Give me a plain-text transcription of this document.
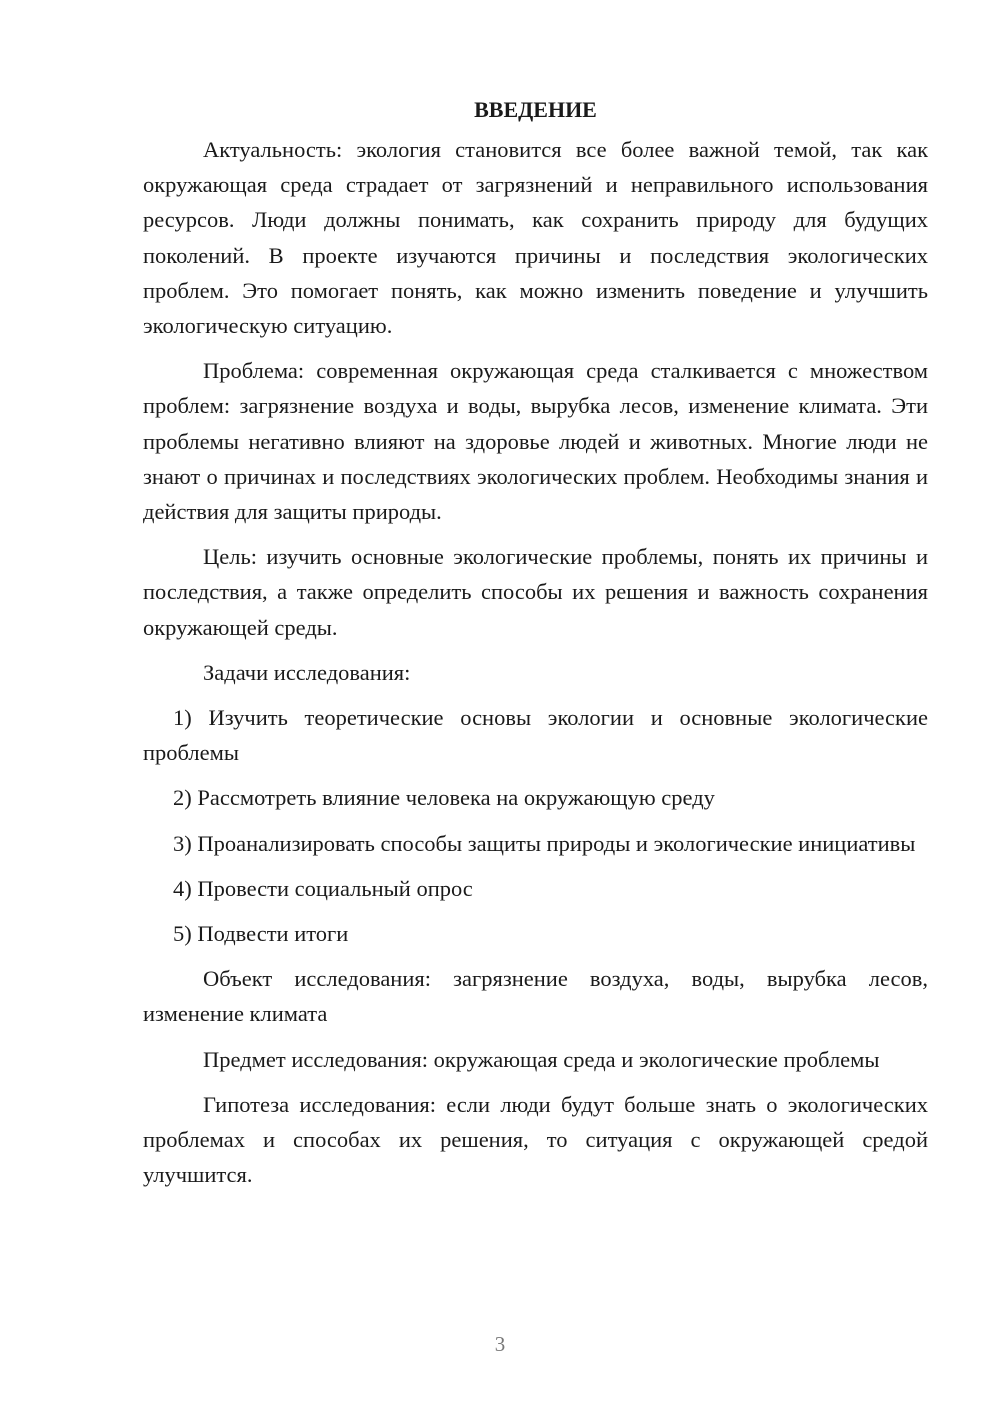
ВВЕДЕНИЕ

Актуальность: экология становится все более важной темой, так как окружающая среда страдает от загрязнений и неправильного использования ресурсов. Люди должны понимать, как сохранить природу для будущих поколений. В проекте изучаются причины и последствия экологических проблем. Это помогает понять, как можно изменить поведение и улучшить экологическую ситуацию.

Проблема: современная окружающая среда сталкивается с множеством проблем: загрязнение воздуха и воды, вырубка лесов, изменение климата. Эти проблемы негативно влияют на здоровье людей и животных. Многие люди не знают о причинах и последствиях экологических проблем. Необходимы знания и действия для защиты природы.

Цель: изучить основные экологические проблемы, понять их причины и последствия, а также определить способы их решения и важность сохранения окружающей среды.

Задачи исследования:

1) Изучить теоретические основы экологии и основные экологические проблемы

2) Рассмотреть влияние человека на окружающую среду

3) Проанализировать способы защиты природы и экологические инициативы

4) Провести социальный опрос

5) Подвести итоги

Объект исследования: загрязнение воздуха, воды, вырубка лесов, изменение климата

Предмет исследования: окружающая среда и экологические проблемы

Гипотеза исследования: если люди будут больше знать о экологических проблемах и способах их решения, то ситуация с окружающей средой улучшится.

3
